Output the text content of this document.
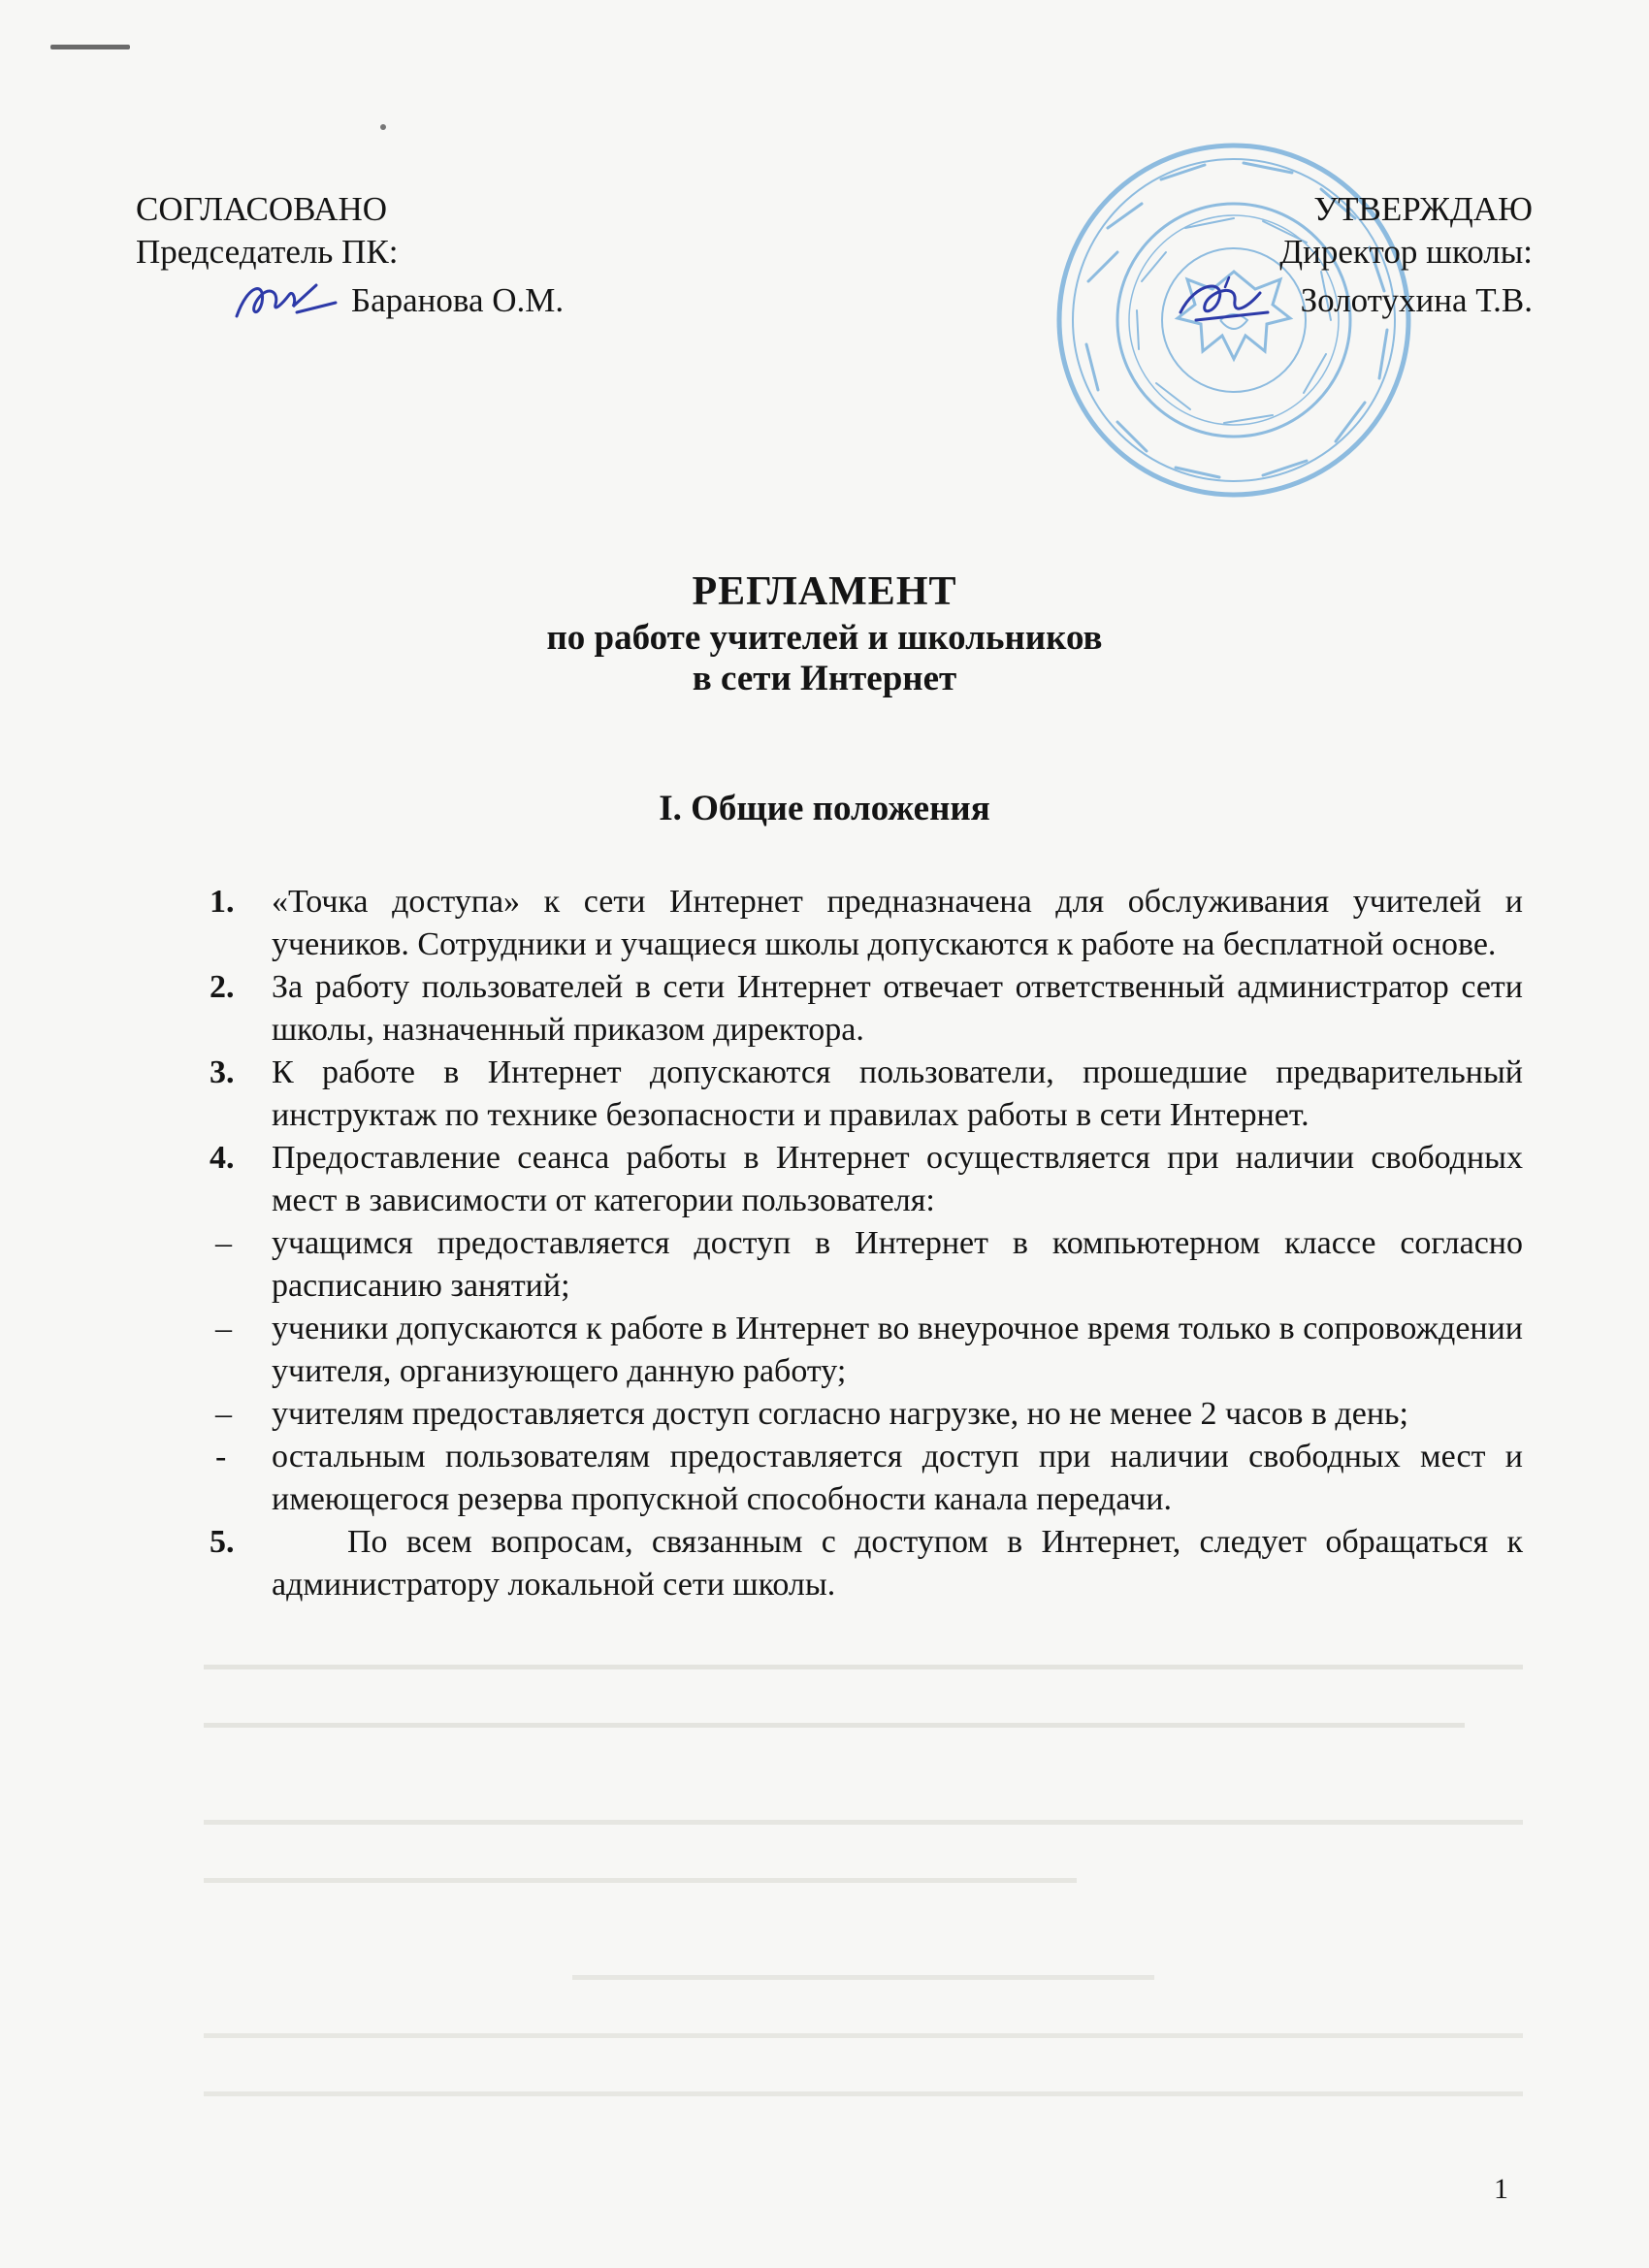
СОГЛАСОВАНО
Председатель ПК:
Баранова О.М.
УТВЕРЖДАЮ
Директор школы:
Золотухина Т.В.
РЕГЛАМЕНТ
по работе учителей и школьников
в сети Интернет
I. Общие положения
1. «Точка доступа» к сети Интернет предназначена для обслуживания учителей и учеников. Сотрудники и учащиеся школы допускаются к работе на бесплатной основе.
2. За работу пользователей в сети Интернет отвечает ответственный администратор сети школы, назначенный приказом директора.
3. К работе в Интернет допускаются пользователи, прошедшие предварительный инструктаж по технике безопасности и правилах работы в сети Интернет.
4. Предоставление сеанса работы в Интернет осуществляется при наличии свободных мест в зависимости от категории пользователя:
– учащимся предоставляется доступ в Интернет в компьютерном классе согласно расписанию занятий;
– ученики допускаются к работе в Интернет во внеурочное время только в сопровождении учителя, организующего данную работу;
– учителям предоставляется доступ согласно нагрузке, но не менее 2 часов в день;
- остальным пользователям предоставляется доступ при наличии свободных мест и имеющегося резерва пропускной способности канала передачи.
5.	По всем вопросам, связанным с доступом в Интернет, следует обращаться к администратору локальной сети школы.
1
